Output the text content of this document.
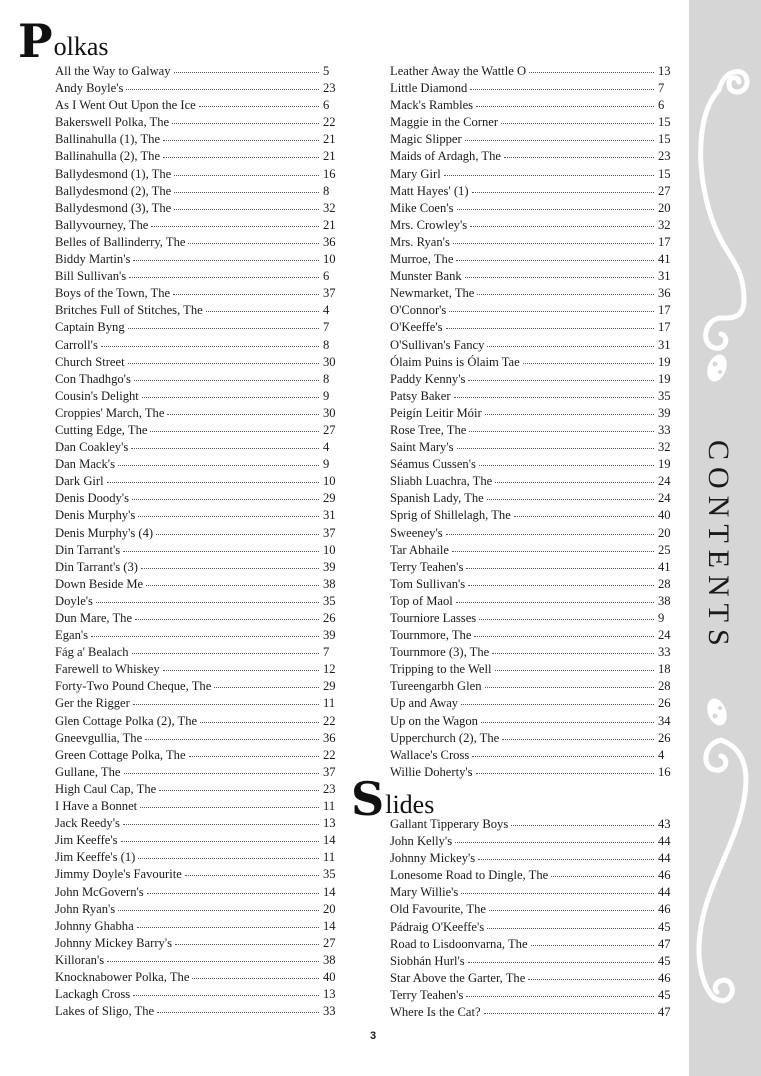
CONTENTS
P olkas
All the Way to Galway	5
Andy Boyle's	23
As I Went Out Upon the Ice	6
Bakerswell Polka, The	22
Ballinahulla (1), The	21
Ballinahulla (2), The	21
Ballydesmond (1), The	16
Ballydesmond (2), The	8
Ballydesmond (3), The	32
Ballyvourney, The	21
Belles of Ballinderry, The	36
Biddy Martin's	10
Bill Sullivan's	6
Boys of the Town, The	37
Britches Full of Stitches, The	4
Captain Byng	7
Carroll's	8
Church Street	30
Con Thadhgo's	8
Cousin's Delight	9
Croppies' March, The	30
Cutting Edge, The	27
Dan Coakley's	4
Dan Mack's	9
Dark Girl	10
Denis Doody's	29
Denis Murphy's	31
Denis Murphy's (4)	37
Din Tarrant's	10
Din Tarrant's (3)	39
Down Beside Me	38
Doyle's	35
Dun Mare, The	26
Egan's	39
Fág a' Bealach	7
Farewell to Whiskey	12
Forty-Two Pound Cheque, The	29
Ger the Rigger	11
Glen Cottage Polka (2), The	22
Gneevgullia, The	36
Green Cottage Polka, The	22
Gullane, The	37
High Caul Cap, The	23
I Have a Bonnet	11
Jack Reedy's	13
Jim Keeffe's	14
Jim Keeffe's (1)	11
Jimmy Doyle's Favourite	35
John McGovern's	14
John Ryan's	20
Johnny Ghabha	14
Johnny Mickey Barry's	27
Killoran's	38
Knocknabower Polka, The	40
Lackagh Cross	13
Lakes of Sligo, The	33
Leather Away the Wattle O	13
Little Diamond	7
Mack's Rambles	6
Maggie in the Corner	15
Magic Slipper	15
Maids of Ardagh, The	23
Mary Girl	15
Matt Hayes' (1)	27
Mike Coen's	20
Mrs. Crowley's	32
Mrs. Ryan's	17
Murroe, The	41
Munster Bank	31
Newmarket, The	36
O'Connor's	17
O'Keeffe's	17
O'Sullivan's Fancy	31
Ólaim Puins is Ólaim Tae	19
Paddy Kenny's	19
Patsy Baker	35
Peigín Leitir Móir	39
Rose Tree, The	33
Saint Mary's	32
Séamus Cussen's	19
Sliabh Luachra, The	24
Spanish Lady, The	24
Sprig of Shillelagh, The	40
Sweeney's	20
Tar Abhaile	25
Terry Teahen's	41
Tom Sullivan's	28
Top of Maol	38
Tourniore Lasses	9
Tournmore, The	24
Tournmore (3), The	33
Tripping to the Well	18
Tureengarbh Glen	28
Up and Away	26
Up on the Wagon	34
Upperchurch (2), The	26
Wallace's Cross	4
Willie Doherty's	16
S lides
Gallant Tipperary Boys	43
John Kelly's	44
Johnny Mickey's	44
Lonesome Road to Dingle, The	46
Mary Willie's	44
Old Favourite, The	46
Pádraig O'Keeffe's	45
Road to Lisdoonvarna, The	47
Siobhán Hurl's	45
Star Above the Garter, The	46
Terry Teahen's	45
Where Is the Cat?	47
3
